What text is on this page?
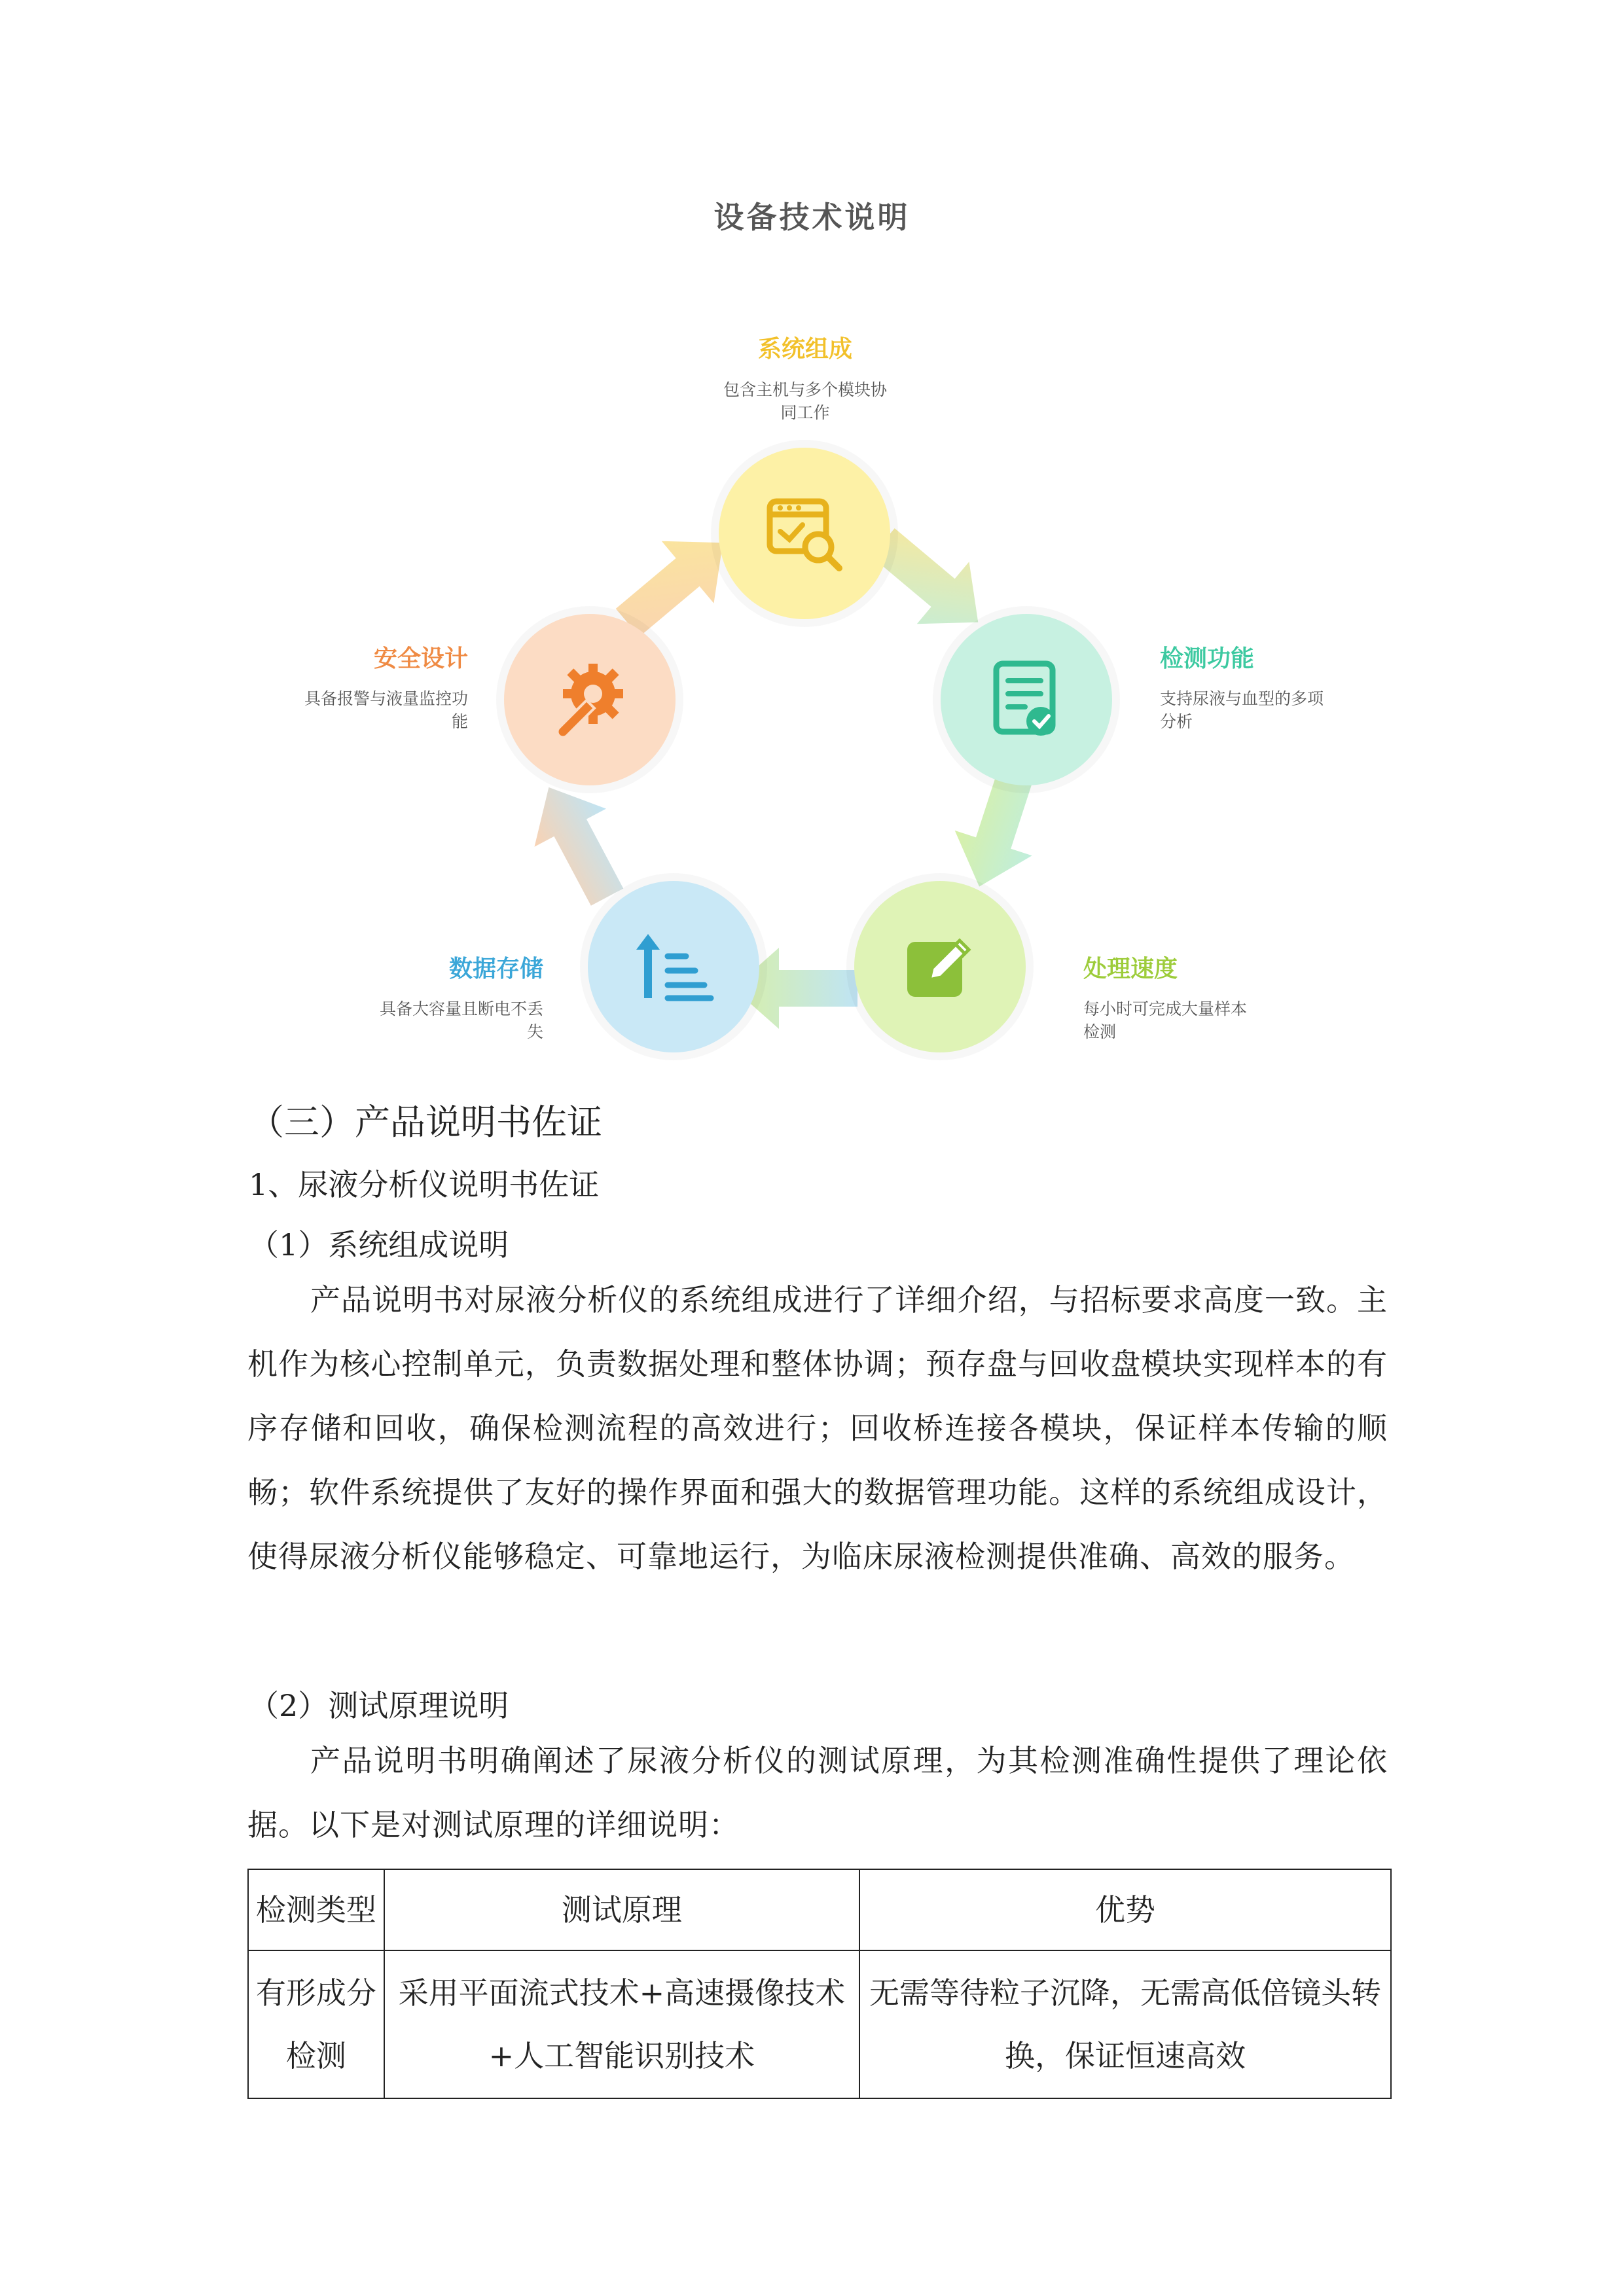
设备技术说明
系统组成
包含主机与多个模块协
同工作
检测功能
支持尿液与血型的多项
分析
处理速度
每小时可完成大量样本
检测
数据存储
具备大容量且断电不丢
失
安全设计
具备报警与液量监控功
能
（三）产品说明书佐证
1、尿液分析仪说明书佐证
（1）系统组成说明
产品说明书对尿液分析仪的系统组成进行了详细介绍，与招标要求高度一致。主机作为核心控制单元，负责数据处理和整体协调；预存盘与回收盘模块实现样本的有序存储和回收，确保检测流程的高效进行；回收桥连接各模块，保证样本传输的顺畅；软件系统提供了友好的操作界面和强大的数据管理功能。这样的系统组成设计，使得尿液分析仪能够稳定、可靠地运行，为临床尿液检测提供准确、高效的服务。
（2）测试原理说明
产品说明书明确阐述了尿液分析仪的测试原理，为其检测准确性提供了理论依据。以下是对测试原理的详细说明：
检测类型	测试原理	优势
有形成分检测	采用平面流式技术+高速摄像技术+人工智能识别技术	无需等待粒子沉降，无需高低倍镜头转换，保证恒速高效
